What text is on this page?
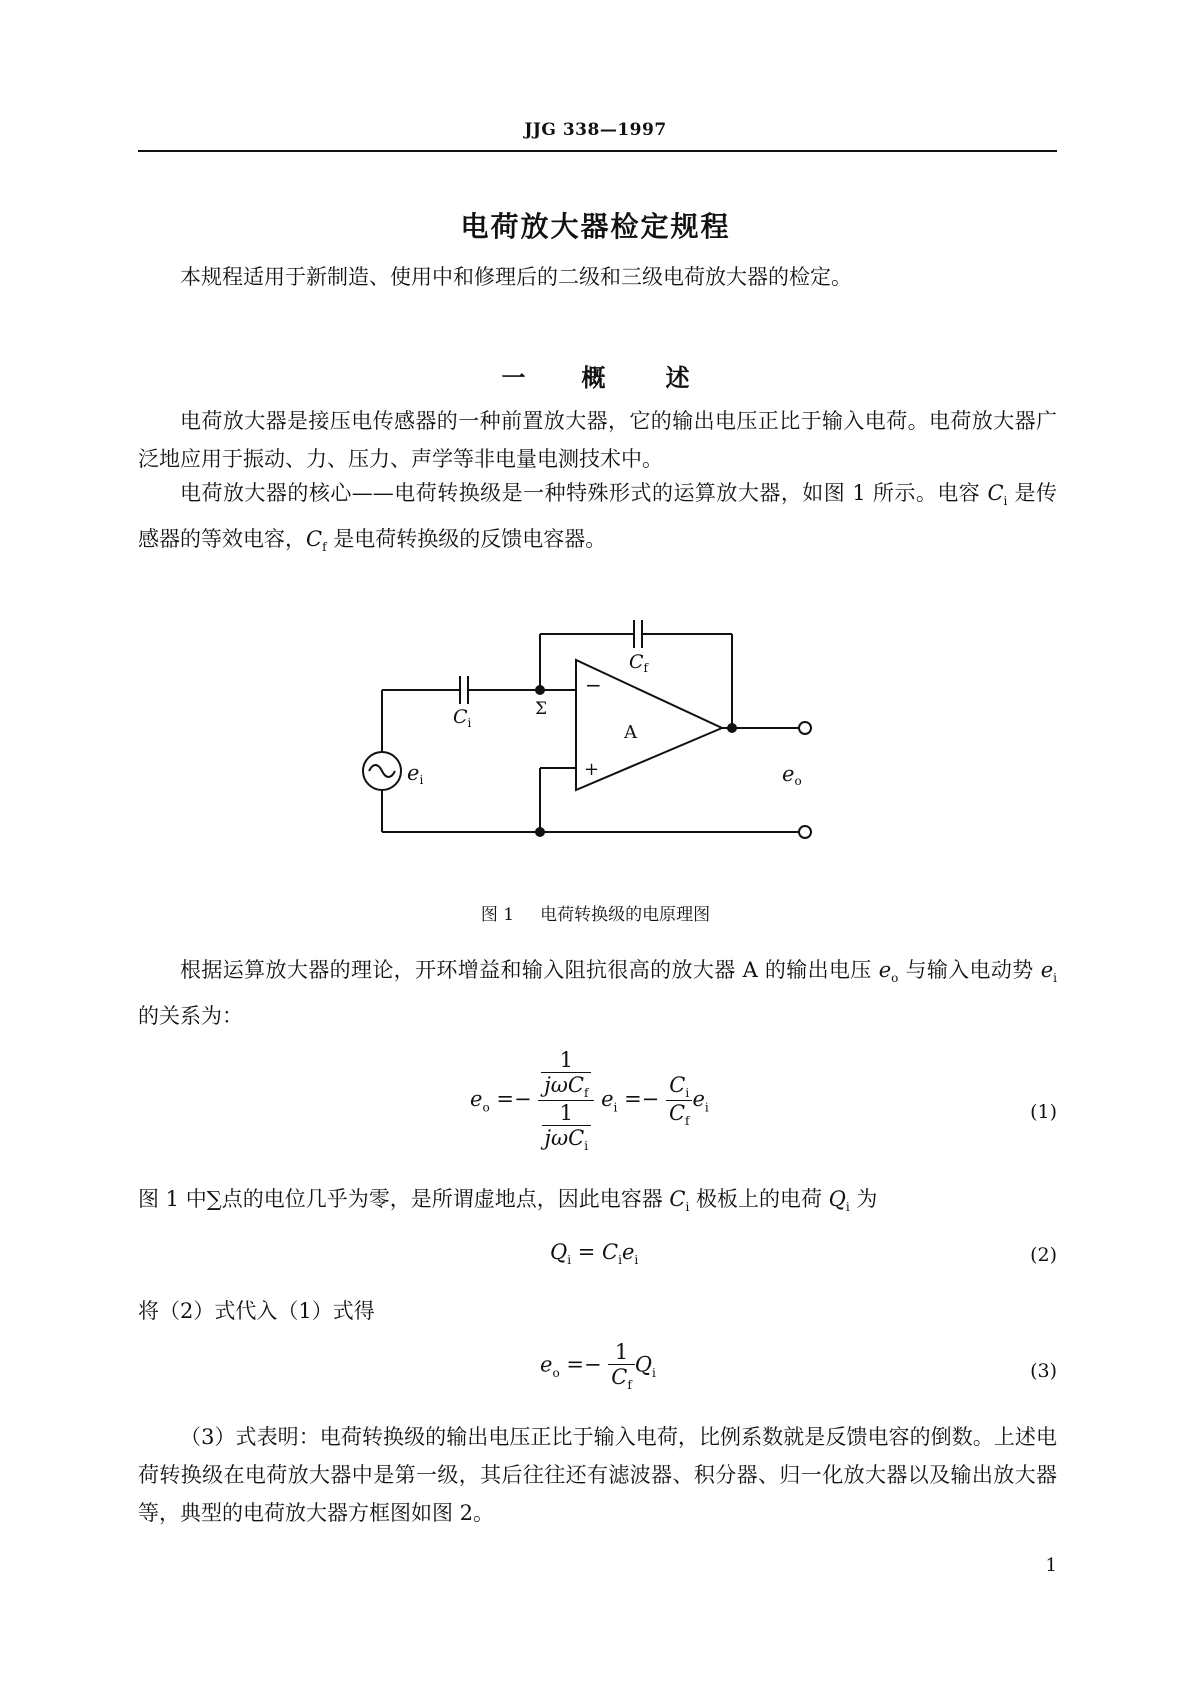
JJG 338—1997
电荷放大器检定规程

本规程适用于新制造、使用中和修理后的二级和三级电荷放大器的检定。

一 概	述

电荷放大器是接压电传感器的一种前置放大器，它的输出电压正比于输入电荷。电荷放大器广泛地应用于振动、力、压力、声学等非电量电测技术中。

电荷放大器的核心——电荷转换级是一种特殊形式的运算放大器，如图 1 所示。电容 $C_i$ 是传感器的等效电容，$C_f$ 是电荷转换级的反馈电容器。

$C_f$
$C_i$
Σ
−
+
A
ei	eo
图 1 电荷转换级的电原理图

根据运算放大器的理论，开环增益和输入阻抗很高的放大器 A 的输出电压 $e_o$ 与输入电动势 $e_i$ 的关系为：

$e_o =- \frac{\frac{1}{j\omega C_f}}{\frac{1}{j\omega C_i}} e_i =- \frac{C_i}{C_f} e_i$	(1)

图 1 中∑点的电位几乎为零，是所谓虚地点，因此电容器 $C_i$ 极板上的电荷 $Q_i$ 为

$Q_i = C_ie_i$	(2)

将（2）式代入（1）式得

$e_o =- \frac{1}{C_f} Q_i$	(3)

（3）式表明：电荷转换级的输出电压正比于输入电荷，比例系数就是反馈电容的倒数。上述电荷转换级在电荷放大器中是第一级，其后往往还有滤波器、积分器、归一化放大器以及输出放大器等，典型的电荷放大器方框图如图 2。

1
